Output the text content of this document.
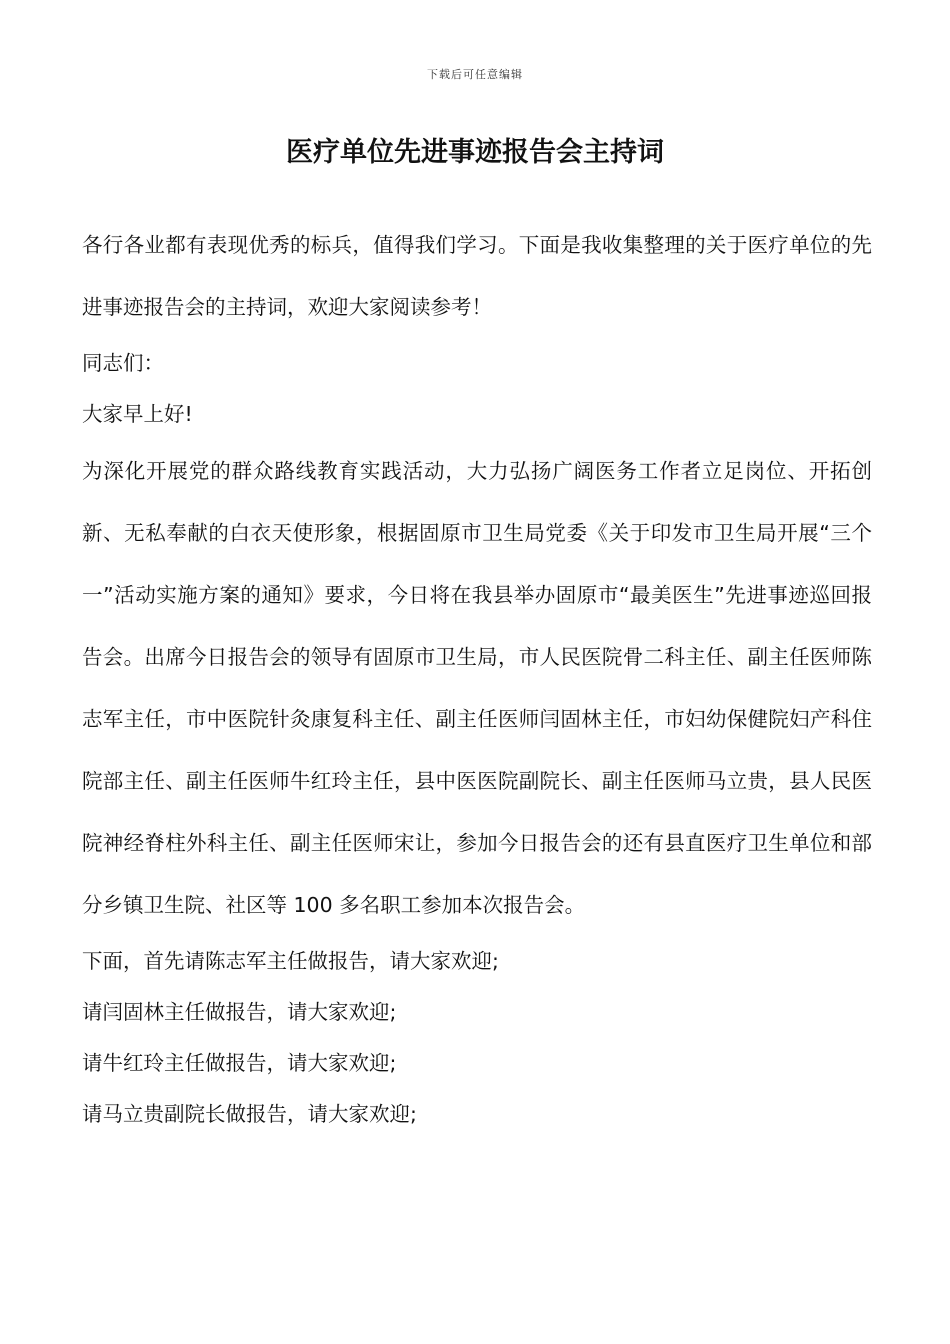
下载后可任意编辑
医疗单位先进事迹报告会主持词

各行各业都有表现优秀的标兵，值得我们学习。下面是我收集整理的关于医疗单位的先进事迹报告会的主持词，欢迎大家阅读参考！

同志们：

大家早上好!

为深化开展党的群众路线教育实践活动，大力弘扬广阔医务工作者立足岗位、开拓创新、无私奉献的白衣天使形象，根据固原市卫生局党委《关于印发市卫生局开展“三个一”活动实施方案的通知》要求，今日将在我县举办固原市“最美医生”先进事迹巡回报告会。出席今日报告会的领导有固原市卫生局，市人民医院骨二科主任、副主任医师陈志军主任，市中医院针灸康复科主任、副主任医师闫固林主任，市妇幼保健院妇产科住院部主任、副主任医师牛红玲主任，县中医医院副院长、副主任医师马立贵，县人民医院神经脊柱外科主任、副主任医师宋让，参加今日报告会的还有县直医疗卫生单位和部分乡镇卫生院、社区等 100 多名职工参加本次报告会。

下面，首先请陈志军主任做报告，请大家欢迎;

请闫固林主任做报告，请大家欢迎;

请牛红玲主任做报告，请大家欢迎;

请马立贵副院长做报告，请大家欢迎;
